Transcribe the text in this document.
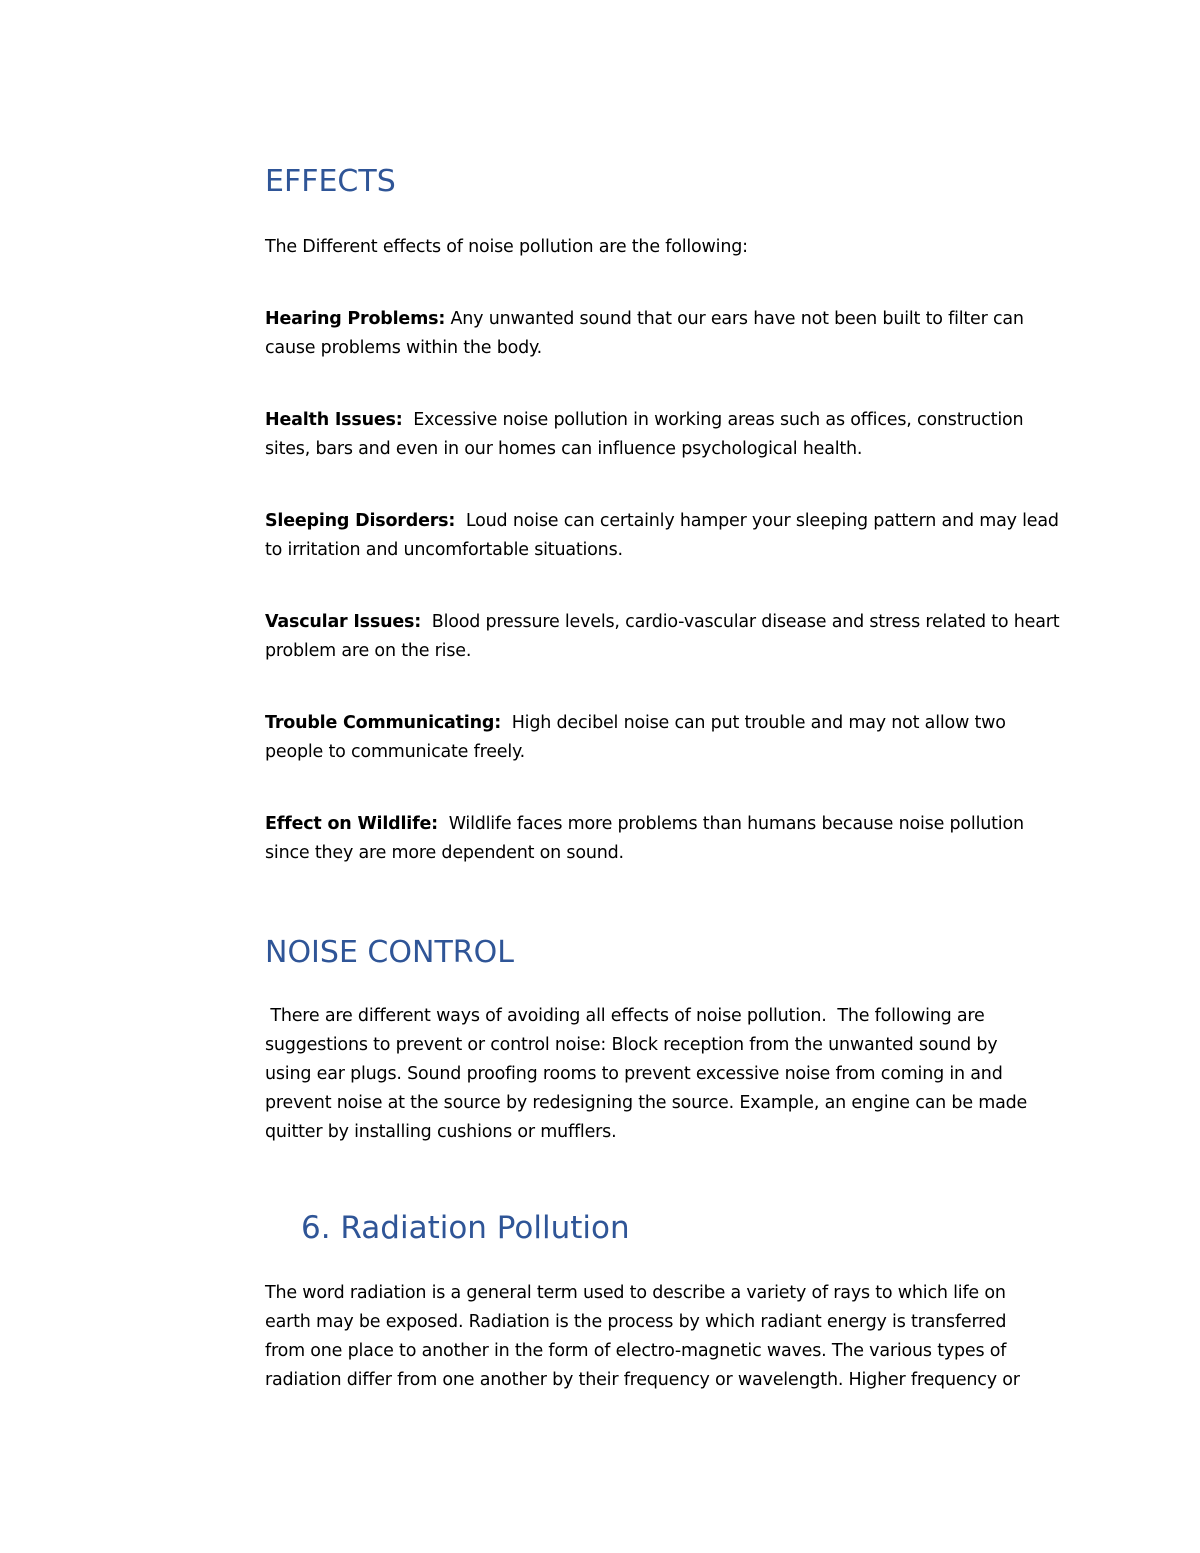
EFFECTS

The Different effects of noise pollution are the following:

Hearing Problems: Any unwanted sound that our ears have not been built to filter can
cause problems within the body.

Health Issues:  Excessive noise pollution in working areas such as offices, construction
sites, bars and even in our homes can influence psychological health.

Sleeping Disorders:  Loud noise can certainly hamper your sleeping pattern and may lead
to irritation and uncomfortable situations.

Vascular Issues:  Blood pressure levels, cardio-vascular disease and stress related to heart
problem are on the rise.

Trouble Communicating:  High decibel noise can put trouble and may not allow two
people to communicate freely.

Effect on Wildlife:  Wildlife faces more problems than humans because noise pollution
since they are more dependent on sound.

NOISE CONTROL

There are different ways of avoiding all effects of noise pollution.  The following are
suggestions to prevent or control noise: Block reception from the unwanted sound by
using ear plugs. Sound proofing rooms to prevent excessive noise from coming in and
prevent noise at the source by redesigning the source. Example, an engine can be made
quitter by installing cushions or mufflers.

6. Radiation Pollution

The word radiation is a general term used to describe a variety of rays to which life on
earth may be exposed. Radiation is the process by which radiant energy is transferred
from one place to another in the form of electro-magnetic waves. The various types of
radiation differ from one another by their frequency or wavelength. Higher frequency or
